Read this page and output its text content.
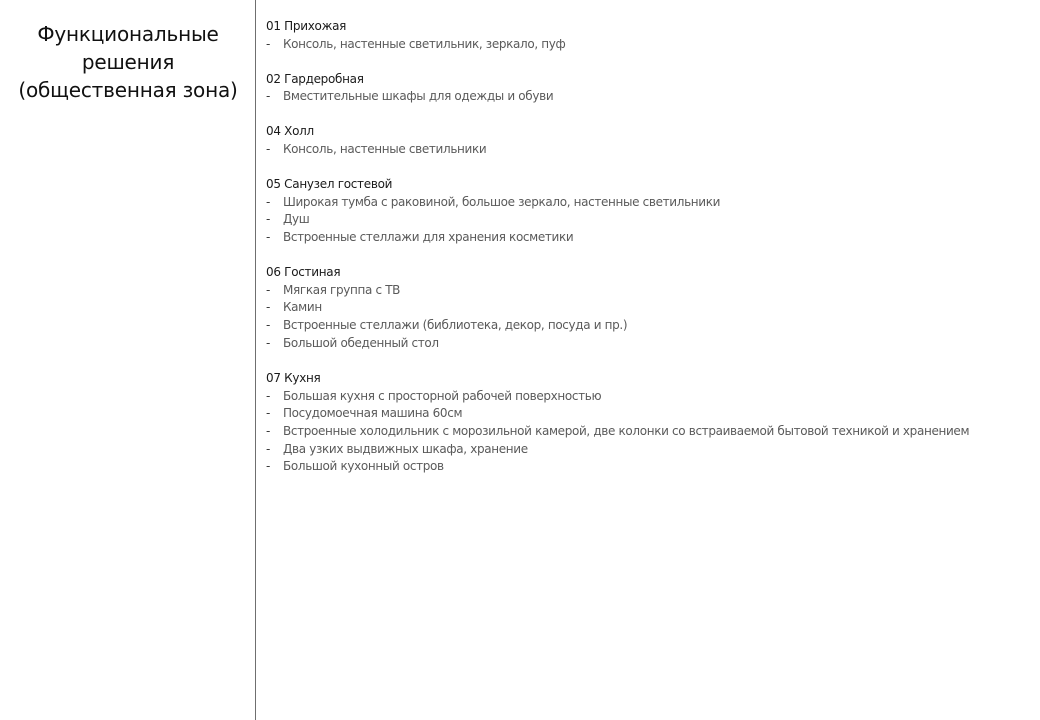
Функциональные
решения
(общественная зона)
01 Прихожая
- Консоль, настенные светильник, зеркало, пуф
02 Гардеробная
- Вместительные шкафы для одежды и обуви
04 Холл
- Консоль, настенные светильники
05 Санузел гостевой
- Широкая тумба с раковиной, большое зеркало, настенные светильники
- Душ
- Встроенные стеллажи для хранения косметики
06 Гостиная
- Мягкая группа с ТВ
- Камин
- Встроенные стеллажи (библиотека, декор, посуда и пр.)
- Большой обеденный стол
07 Кухня
- Большая кухня с просторной рабочей поверхностью
- Посудомоечная машина 60см
- Встроенные холодильник с морозильной камерой, две колонки со встраиваемой бытовой техникой и хранением
- Два узких выдвижных шкафа, хранение
- Большой кухонный остров
